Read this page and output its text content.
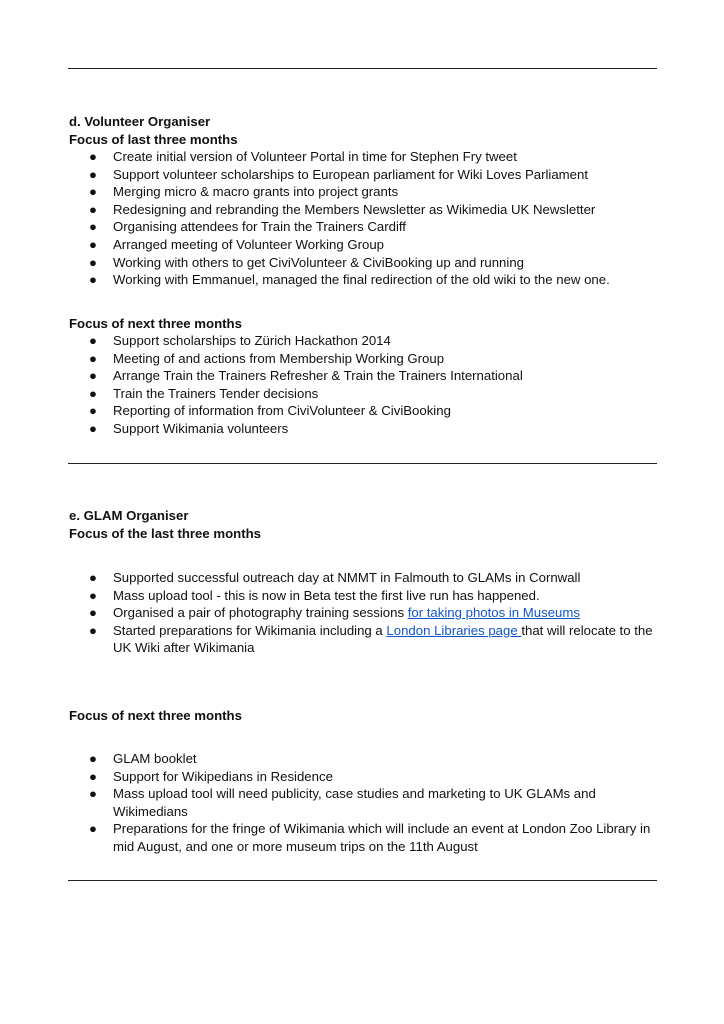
d. Volunteer Organiser
Focus of last three months
● Create initial version of Volunteer Portal in time for Stephen Fry tweet
● Support volunteer scholarships to European parliament for Wiki Loves Parliament
● Merging micro & macro grants into project grants
● Redesigning and rebranding the Members Newsletter as Wikimedia UK Newsletter
● Organising attendees for Train the Trainers Cardiff
● Arranged meeting of Volunteer Working Group
● Working with others to get CiviVolunteer & CiviBooking up and running
● Working with Emmanuel, managed the final redirection of the old wiki to the new one.
Focus of next three months
● Support scholarships to Zürich Hackathon 2014
● Meeting of and actions from Membership Working Group
● Arrange Train the Trainers Refresher & Train the Trainers International
● Train the Trainers Tender decisions
● Reporting of information from CiviVolunteer & CiviBooking
● Support Wikimania volunteers
e. GLAM Organiser
Focus of the last three months
● Supported successful outreach day at NMMT in Falmouth to GLAMs in Cornwall
● Mass upload tool - this is now in Beta test the first live run has happened.
● Organised a pair of photography training sessions for taking photos in Museums
● Started preparations for Wikimania including a London Libraries page that will relocate to the UK Wiki after Wikimania
Focus of next three months
● GLAM booklet
● Support for Wikipedians in Residence
● Mass upload tool will need publicity, case studies and marketing to UK GLAMs and Wikimedians
● Preparations for the fringe of Wikimania which will include an event at London Zoo Library in mid August, and one or more museum trips on the 11th August
